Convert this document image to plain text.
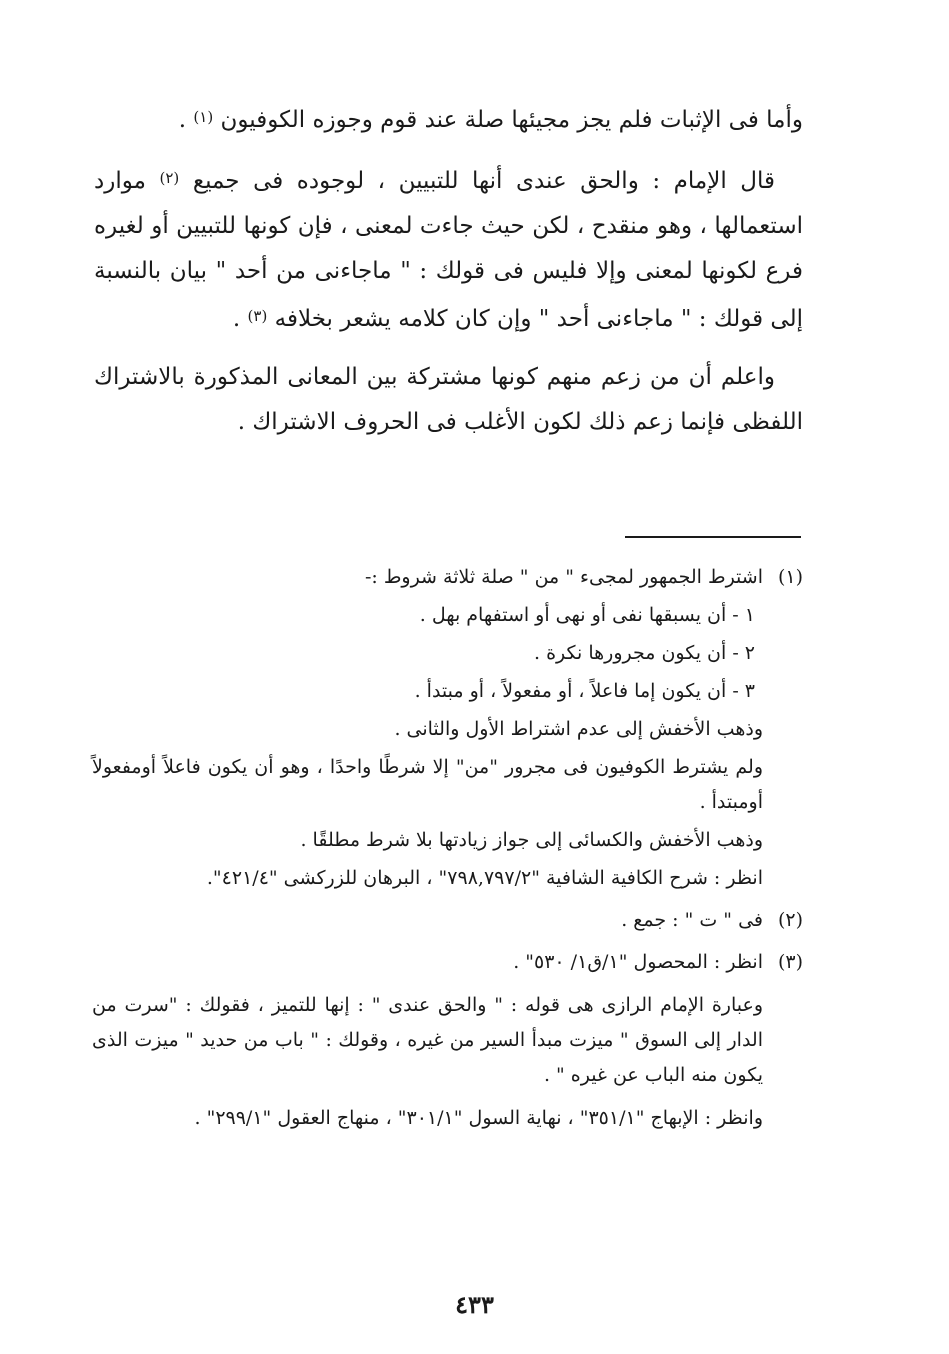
وأما فى الإثبات فلم يجز مجيئها صلة عند قوم وجوزه الكوفيون $^{(١)}$ .

قال الإمام : والحق عندى أنها للتبيين ، لوجوده فى جميع $^{(٢)}$ موارد استعمالها ، وهو منقدح ، لكن حيث جاءت لمعنى ، فإن كونها للتبيين أو لغيره فرع لكونها لمعنى وإلا فليس فى قولك : " ماجاءنى من أحد " بيان بالنسبة إلى قولك : " ماجاءنى أحد " وإن كان كلامه يشعر بخلافه $^{(٣)}$ .

واعلم أن من زعم منهم كونها مشتركة بين المعانى المذكورة بالاشتراك اللفظى فإنما زعم ذلك لكون الأغلب فى الحروف الاشتراك .

(١)

اشترط الجمهور لمجىء " من " صلة ثلاثة شروط :-

١ - أن يسبقها نفى أو نهى أو استفهام بهل .

٢ - أن يكون مجرورها نكرة .

٣ - أن يكون إما فاعلاً ، أو مفعولاً ، أو مبتدأ .

وذهب الأخفش إلى عدم اشتراط الأول والثانى .

ولم يشترط الكوفيون فى مجرور "من" إلا شرطًا واحدًا ، وهو أن يكون فاعلاً أومفعولاً أومبتدأ .

وذهب الأخفش والكسائى إلى جواز زيادتها بلا شرط مطلقًا .

انظر : شرح الكافية الشافية "٧٩٨,٧٩٧/٢" ، البرهان للزركشى "٤٢١/٤".

(٢)

فى " ت " : جمع .

(٣)

انظر : المحصول "١/ق١/ ٥٣٠" .

وعبارة الإمام الرازى هى قوله : " والحق عندى " : إنها للتميز ، فقولك : "سرت من الدار إلى السوق " ميزت مبدأ السير من غيره ، وقولك : " باب من حديد " ميزت الذى يكون منه الباب عن غيره " .

وانظر : الإبهاج "٣٥١/١" ، نهاية السول "٣٠١/١" ، منهاج العقول "٢٩٩/١" .

٤٣٣
